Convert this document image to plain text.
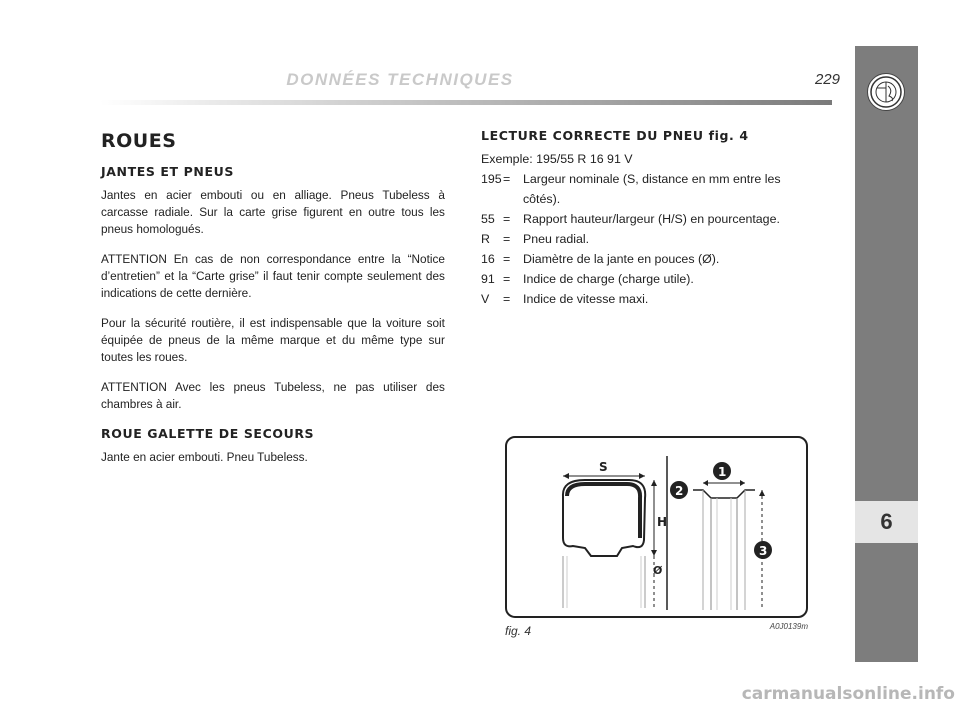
DONNÉES TECHNIQUES	229
6
ROUES
JANTES ET PNEUS

Jantes en acier embouti ou en alliage. Pneus Tubeless à carcasse radiale. Sur la carte grise figurent en outre tous les pneus homologués.

ATTENTION En cas de non correspondance entre la “Notice d’entretien” et la “Carte grise” il faut tenir compte seulement des indications de cette dernière.

Pour la sécurité routière, il est indispensable que la voiture soit équipée de pneus de la même marque et du même type sur toutes les roues.

ATTENTION Avec les pneus Tubeless, ne pas utiliser des chambres à air.

ROUE GALETTE DE SECOURS

Jante en acier embouti. Pneu Tubeless.

LECTURE CORRECTE DU PNEU fig. 4
Exemple: 195/55 R 16 91 V
195 =	Largeur nominale (S, distance en mm entre les côtés).
55 =	Rapport hauteur/largeur (H/S) en pourcentage.
R	=	Pneu radial.
16 =	Diamètre de la jante en pouces (Ø).
91 =	Indice de charge (charge utile).
V	=	Indice de vitesse maxi.
S
H
Ø
1
2
3
fig. 4	A0J0139m
carmanualsonline.info
